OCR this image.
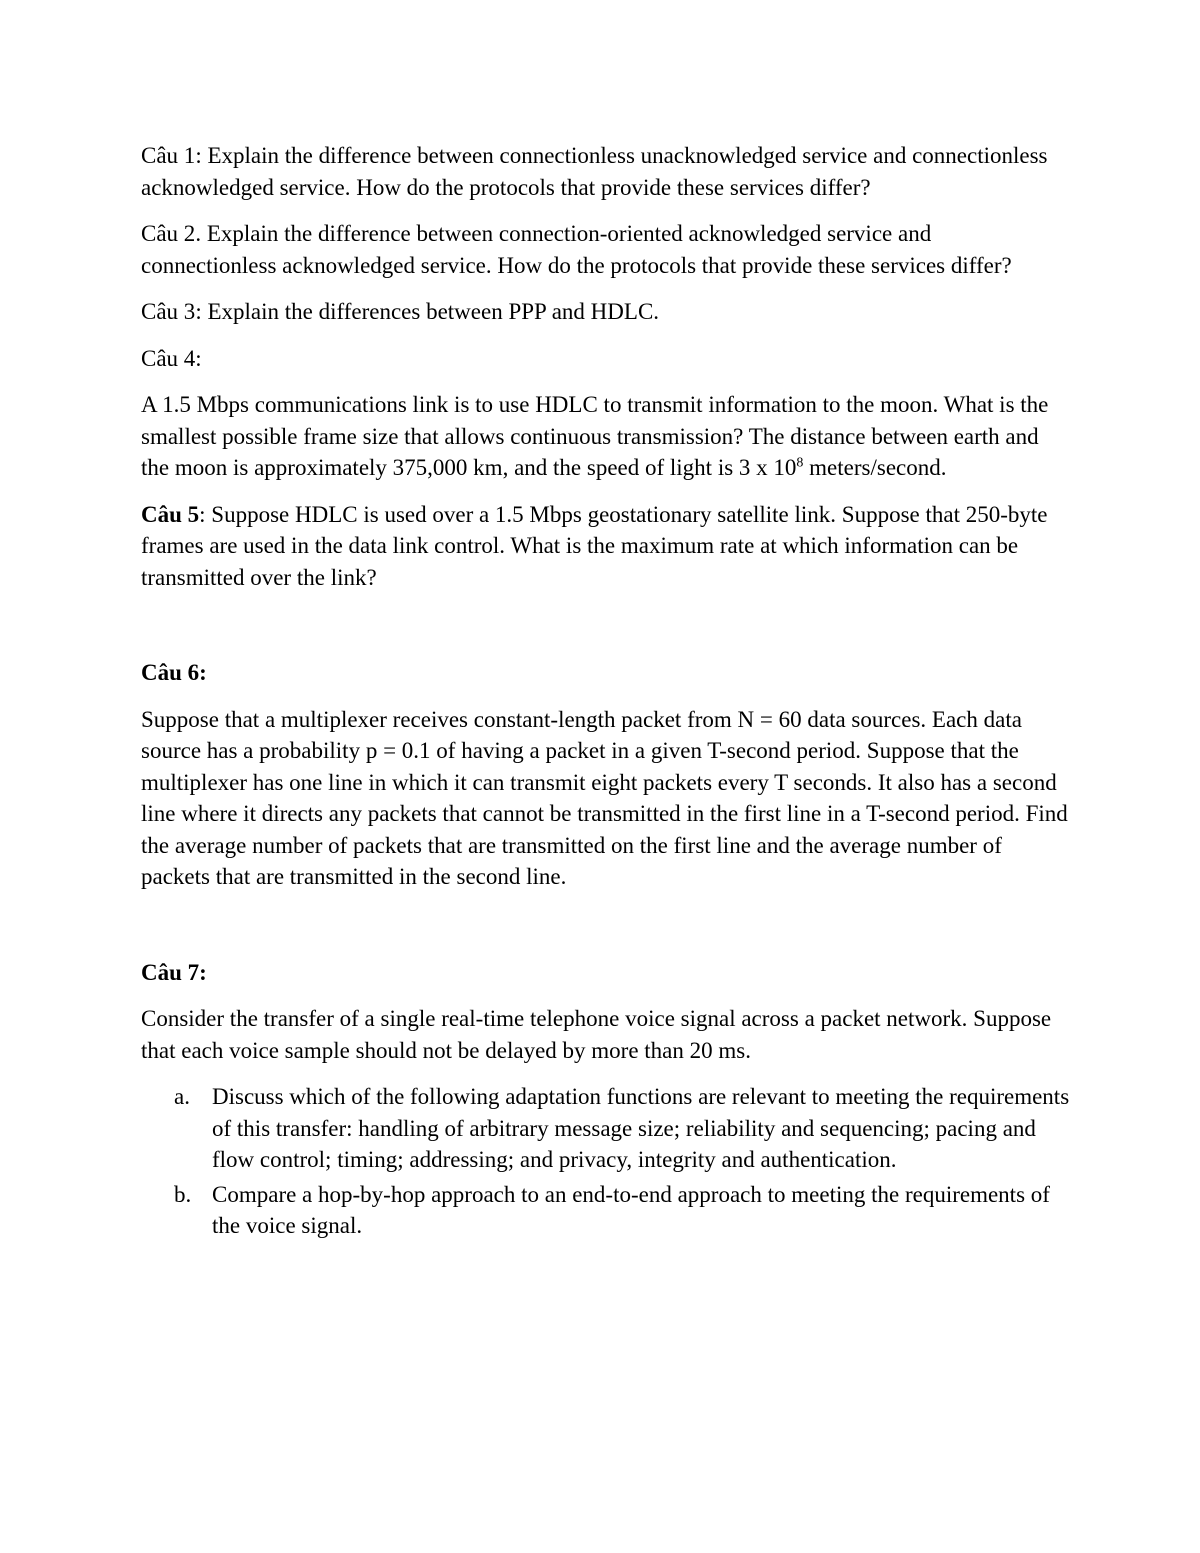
Câu 1: Explain the difference between connectionless unacknowledged service and connectionless acknowledged service. How do the protocols that provide these services differ?

Câu 2. Explain the difference between connection-oriented acknowledged service and connectionless acknowledged service. How do the protocols that provide these services differ?

Câu 3: Explain the differences between PPP and HDLC.

Câu 4:

A 1.5 Mbps communications link is to use HDLC to transmit information to the moon. What is the smallest possible frame size that allows continuous transmission? The distance between earth and the moon is approximately 375,000 km, and the speed of light is 3 x $10^8$ meters/second.

Câu 5: Suppose HDLC is used over a 1.5 Mbps geostationary satellite link. Suppose that 250-byte frames are used in the data link control. What is the maximum rate at which information can be transmitted over the link?

Câu 6:

Suppose that a multiplexer receives constant-length packet from N = 60 data sources. Each data source has a probability p = 0.1 of having a packet in a given T-second period. Suppose that the multiplexer has one line in which it can transmit eight packets every T seconds. It also has a second line where it directs any packets that cannot be transmitted in the first line in a T-second period. Find the average number of packets that are transmitted on the first line and the average number of packets that are transmitted in the second line.

Câu 7:

Consider the transfer of a single real-time telephone voice signal across a packet network. Suppose that each voice sample should not be delayed by more than 20 ms.

a. Discuss which of the following adaptation functions are relevant to meeting the requirements of this transfer: handling of arbitrary message size; reliability and sequencing; pacing and flow control; timing; addressing; and privacy, integrity and authentication.
b. Compare a hop-by-hop approach to an end-to-end approach to meeting the requirements of the voice signal.
